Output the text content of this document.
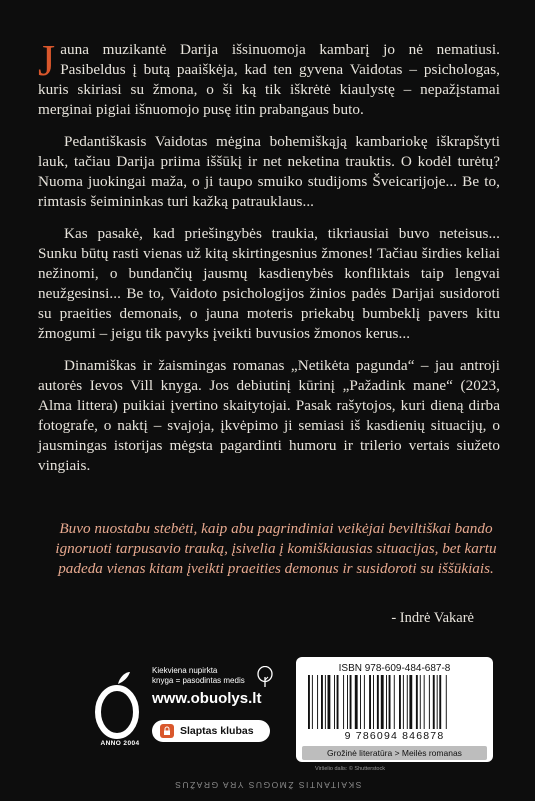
Jauna muzikantė Darija išsinuomoja kambarį jo nė nematiusi. Pasibeldus į butą paaiškėja, kad ten gyvena Vaidotas – psichologas, kuris skiriasi su žmona, o ši ką tik iškrėtė kiaulystę – nepažįstamai merginai pigiai išnuomojo pusę itin prabangaus buto.

Pedantiškasis Vaidotas mėgina bohemiškąją kambariokę iškrapštyti lauk, tačiau Darija priima iššūkį ir net neketina trauktis. O kodėl turėtų? Nuoma juokingai maža, o ji taupo smuiko studijoms Šveicarijoje... Be to, rimtasis šeimininkas turi kažką patrauklaus...

Kas pasakė, kad priešingybės traukia, tikriausiai buvo neteisus... Sunku būtų rasti vienas už kitą skirtingesnius žmones! Tačiau širdies keliai nežinomi, o bundančių jausmų kasdienybės konfliktais taip lengvai neužgesinsi... Be to, Vaidoto psichologijos žinios padės Darijai susidoroti su praeities demonais, o jauna moteris priekabų bumbeklį pavers kitu žmogumi – jeigu tik pavyks įveikti buvusios žmonos kerus...

Dinamiškas ir žaismingas romanas „Netikėta pagunda“ – jau antroji autorės Ievos Vill knyga. Jos debiutinį kūrinį „Pažadink mane“ (2023, Alma littera) puikiai įvertino skaitytojai. Pasak rašytojos, kuri dieną dirba fotografe, o naktį – svajoja, įkvėpimo ji semiasi iš kasdienių situacijų, o jausmingas istorijas mėgsta pagardinti humoru ir trilerio vertais siužeto vingiais.

Buvo nuostabu stebėti, kaip abu pagrindiniai veikėjai beviltiškai bando ignoruoti tarpusavio trauką, įsivelia į komiškiausias situacijas, bet kartu padeda vienas kitam įveikti praeities demonus ir susidoroti su iššūkiais.
- Indrė Vakarė
ANNO 2004
Kiekviena nupirkta
knyga = pasodintas medis
www.obuolys.lt
Slaptas klubas
ISBN 978-609-484-687-8
9 786094 846878
Grožinė literatūra > Meilės romanas
Viršelio dalis: © Shutterstock
SKAITANTIS ŽMOGUS YRA GRAŽUS
